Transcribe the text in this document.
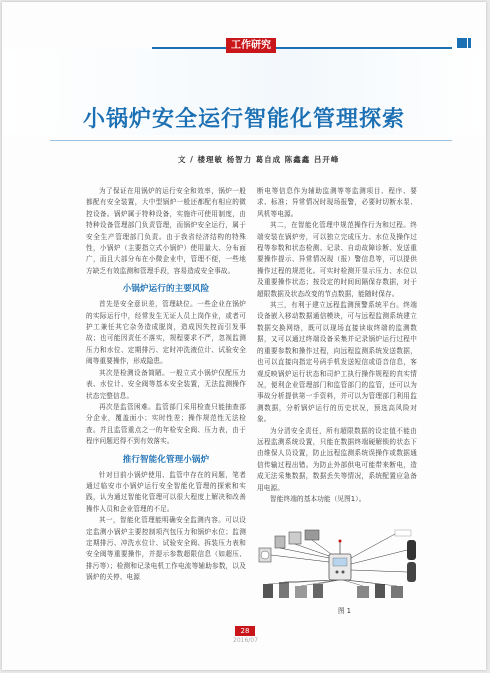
工作研究
小锅炉安全运行智能化管理探索
文 / 楼理敏 杨智力 葛自成 陈鑫鑫 吕开峰

为了保证在用锅炉的运行安全和效率，锅炉一般都配有安全装置，大中型锅炉一般还都配有相应的微控设备。锅炉属于特种设备，实施许可使用制度，由特种设备管理部门负责管理，而锅炉安全运行，属于安全生产管理部门负责。由于我省经济结构的特殊性，小锅炉（主要指立式小锅炉）使用量大、分布面广，而且大部分布在小微企业中，管理不便，一些地方缺乏有效监测和管理手段，容易造成安全事故。

小锅炉运行的主要风险

首先是安全意识差，管理缺位。一些企业在锅炉的实际运行中，经常发生无证人员上岗作业，或者可护工兼任其它杂务造成脱岗，造成因失控而引发事故；也可能因责任不落实，规程要求不严，忽视监测压力和水位、定期排污、定时冲洗液位计、试验安全阀等重要操作，形成隐患。

其次是检测设备简陋。一般立式小锅炉仅配压力表、水位计、安全阀等基本安全装置，无法监测操作状态完整信息。

再次是监管困难。监管部门采用检查只能抽查部分企业，覆盖面小；实时性差；操作规范性无法检查。并且监管重点之一的年检安全阀、压力表，由于程序问题迟得不到有效落实。

推行智能化管理小锅炉

针对目前小锅炉使用、监管中存在的问题，笔者通过临安市小锅炉运行安全智能化管理的探索和实践，认为通过智能化管理可以很大程度上解决和改善操作人员和企业管理的不足。

其一，智能化管理能明确安全监测内容。可以设定监测小锅炉主要控制项汽包压力和锅炉水位；监测定期排污、冲洗水位计、试验安全阀、拆装压力表和安全阀等重要操作，并提示参数超限信息（如超压、排污等）；检测和记录电机工作电流等辅助参数，以及锅炉的关停、电源

断电等信息作为辅助监测等等监测项目、程序、要求、标准；异常情况时现场报警，必要时切断水泵、风机等电源。

其二，在智能化管理中规范操作行为和过程。终端安装在锅炉旁，可以独立完成压力、水位及操作过程等参数和状态检测、记录、自动故障诊断、发送重要操作提示、异常情况现（报）警信息等，可以提供操作过程的规范化。可实时检测开显示压力、水位以及重要操作状态；按设定的时间间隔保存数据，对于超限数据及状态改变的节点数据，能随时保存。

其三，有利于建立远程监测预警系统平台。终端设备嵌入移动数据通信模块，可与远程监测系统建立数据交换网络，既可以现场直接读取终端的监测数据，又可以通过终端设备采集并记录锅炉运行过程中的重要参数和操作过程，向远程监测系统发送数据，也可以直接向指定号码手机发送短信或语音信息，客观反映锅炉运行状态和司炉工执行操作规程的真实情况，便利企业管理部门和监管部门的监管，还可以为事故分析提供第一手资料，并可以为管理部门利用监测数据，分析锅炉运行的历史状况，预选高风险对象。

为分清安全责任，所有超限数据的设定值不能由远程监测系统设置，只能在数据终端硬解锁的状态下由维保人员设置，防止远程监测系统误操作或数据通信传输过程出错。为防止外部供电可能带来断电，造成无法采集数据，数据丢失等情况，系统配置应急备用电源。

智能终端的基本功能（见图1）。

图 1
28
2016/07
